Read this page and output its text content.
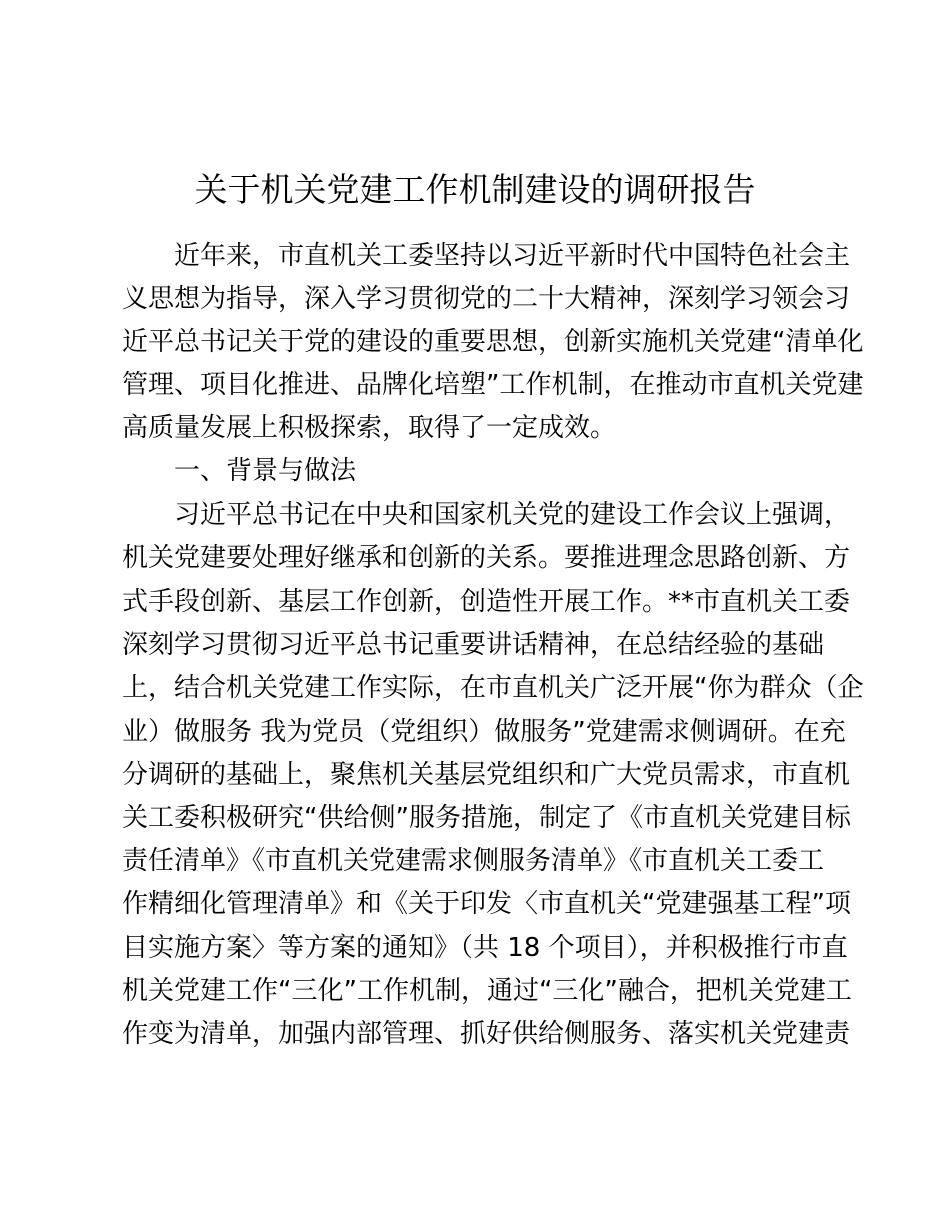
关于机关党建工作机制建设的调研报告
　　近年来，市直机关工委坚持以习近平新时代中国特色社会主
义思想为指导，深入学习贯彻党的二十大精神，深刻学习领会习
近平总书记关于党的建设的重要思想，创新实施机关党建“清单化
管理、项目化推进、品牌化培塑”工作机制，在推动市直机关党建
高质量发展上积极探索，取得了一定成效。
　　一、背景与做法
　　习近平总书记在中央和国家机关党的建设工作会议上强调，
机关党建要处理好继承和创新的关系。要推进理念思路创新、方
式手段创新、基层工作创新，创造性开展工作。**市直机关工委
深刻学习贯彻习近平总书记重要讲话精神，在总结经验的基础
上，结合机关党建工作实际，在市直机关广泛开展“你为群众（企
业）做服务 我为党员（党组织）做服务”党建需求侧调研。在充
分调研的基础上，聚焦机关基层党组织和广大党员需求，市直机
关工委积极研究“供给侧”服务措施，制定了《市直机关党建目标
责任清单》《市直机关党建需求侧服务清单》《市直机关工委工
作精细化管理清单》和《关于印发〈市直机关“党建强基工程”项
目实施方案〉等方案的通知》（共 18 个项目），并积极推行市直
机关党建工作“三化”工作机制，通过“三化”融合，把机关党建工
作变为清单，加强内部管理、抓好供给侧服务、落实机关党建责
